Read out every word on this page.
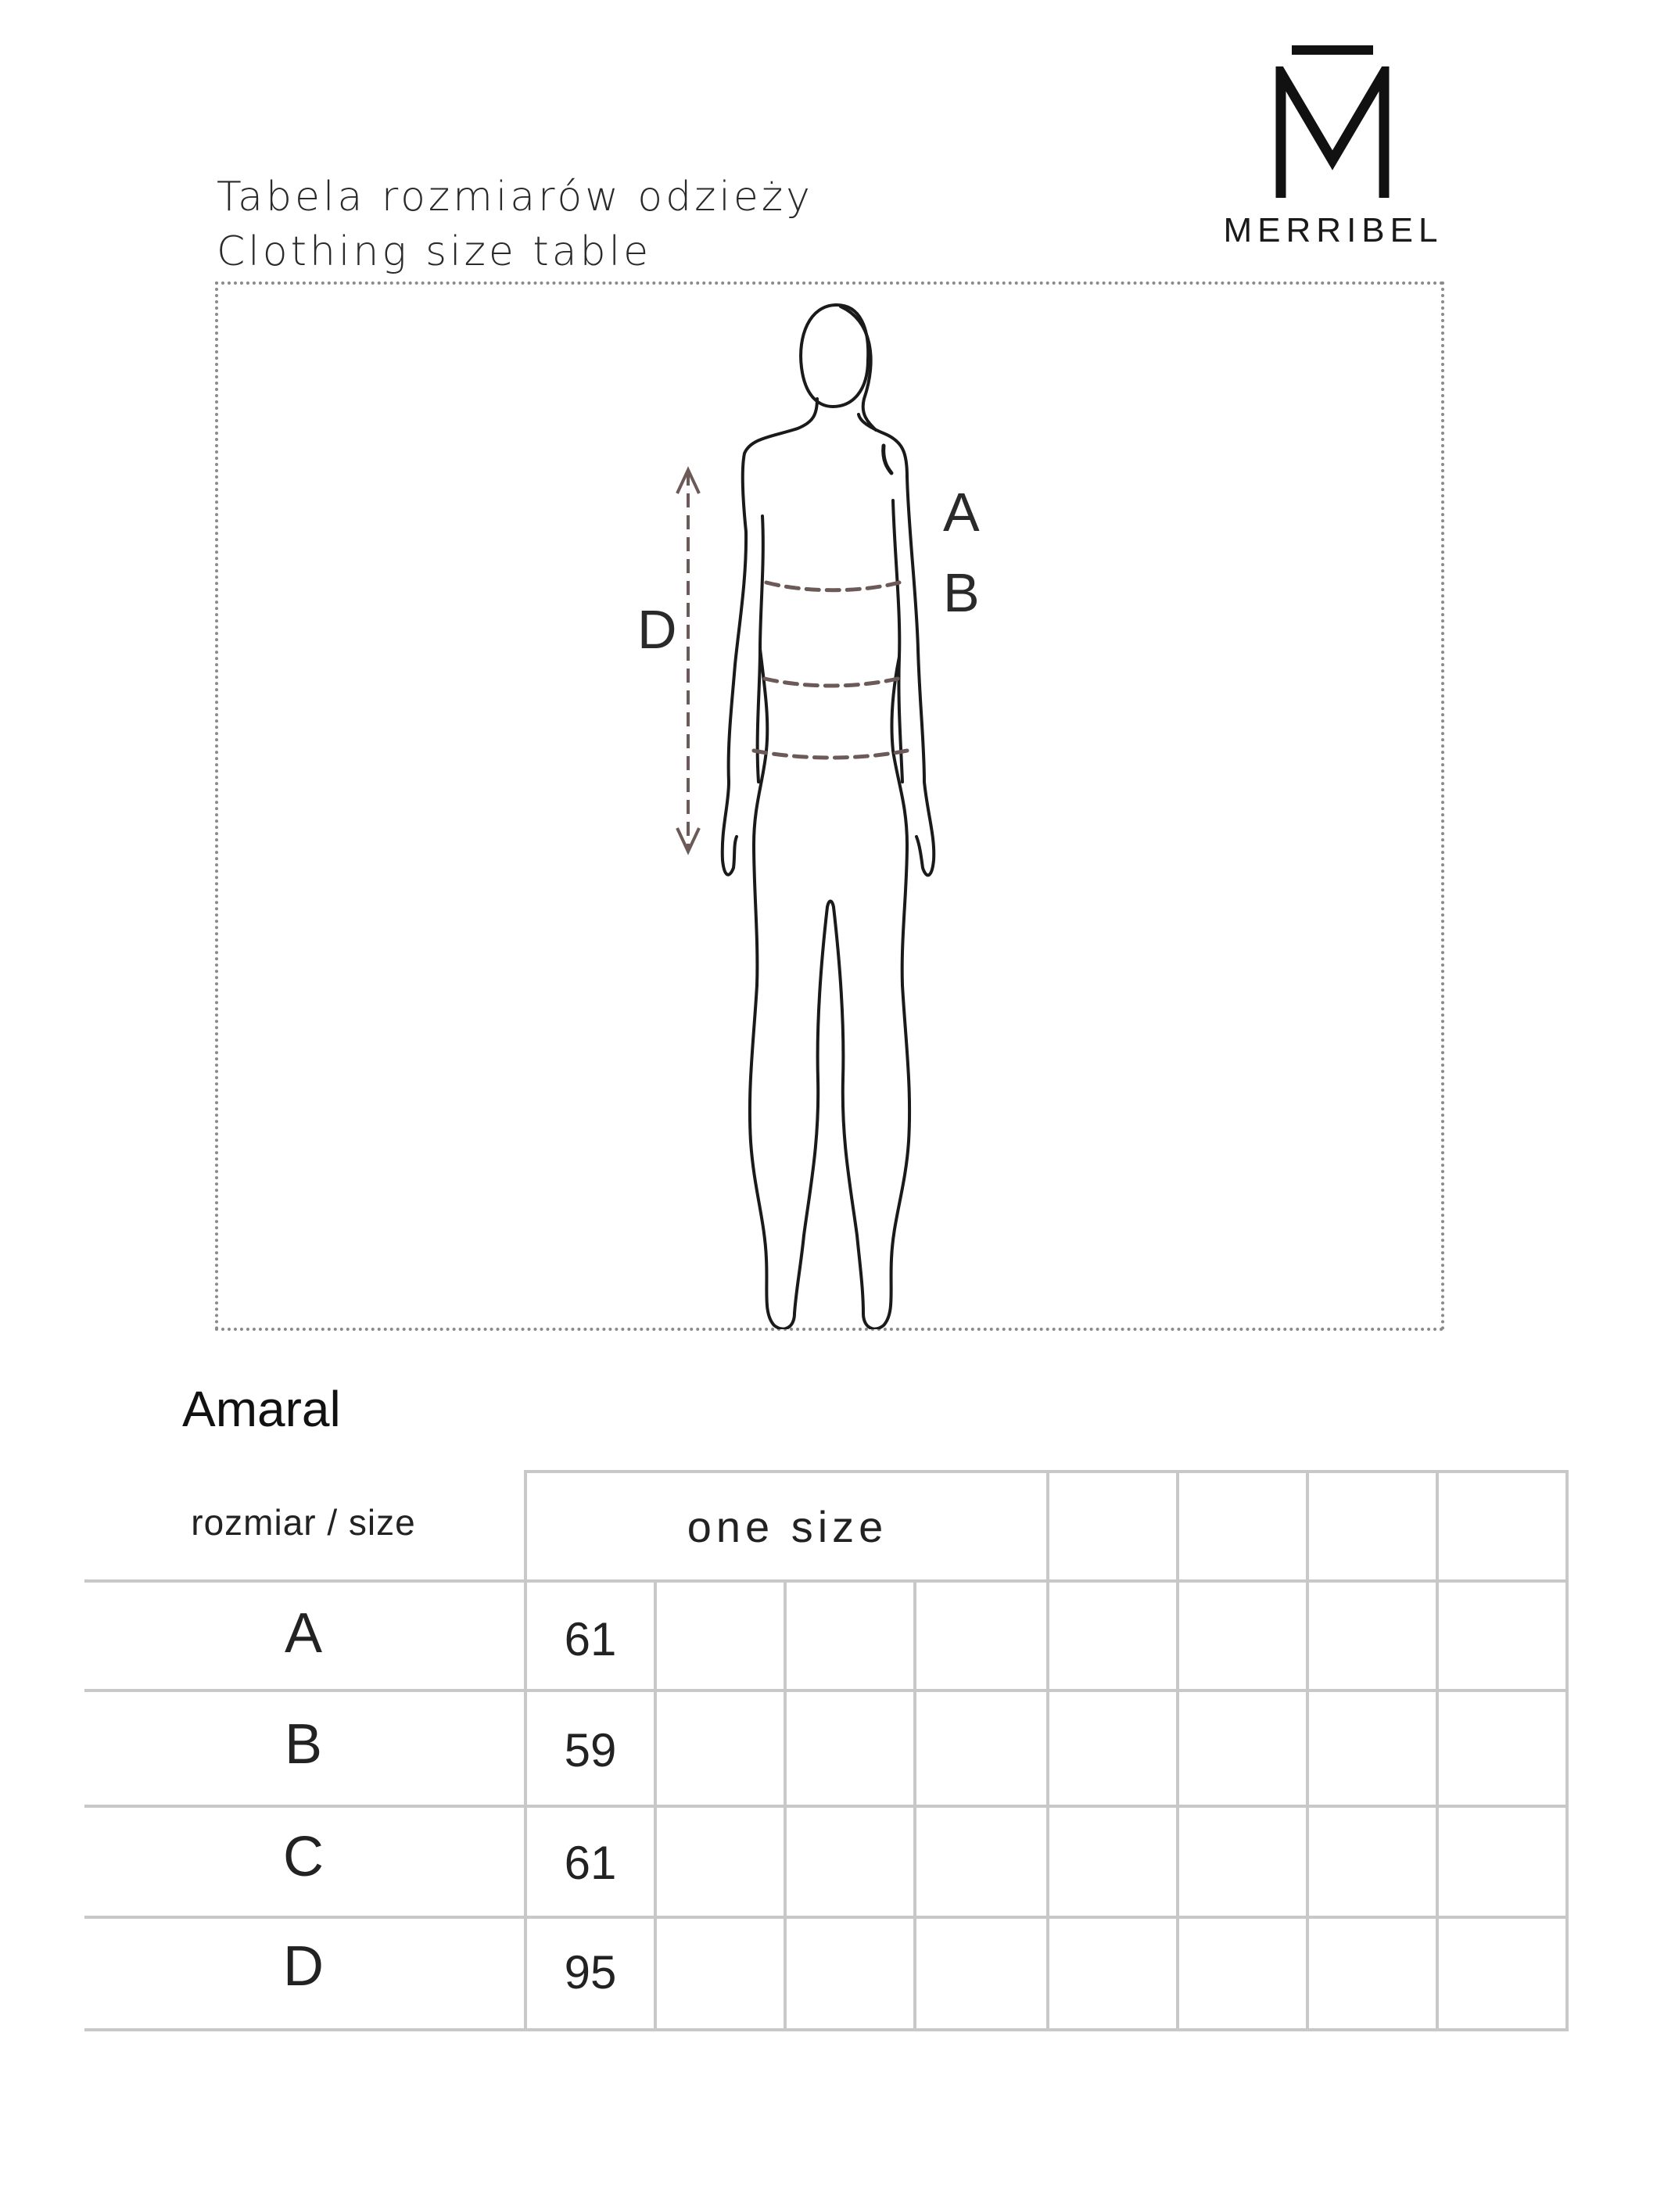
Tabela rozmiarów odzieży
Clothing size table	MERRIBEL
A
B
D
Amaral
rozmiar / size	one size
A	61
B	59
C	61
D	95
